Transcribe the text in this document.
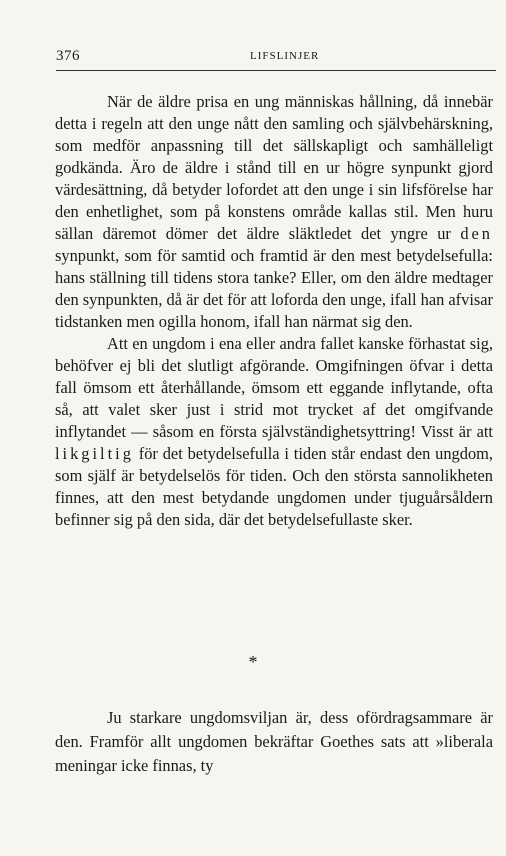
376	LIFSLINJER

När de äldre prisa en ung människas hållning, då innebär detta i regeln att den unge nått den samling och självbehärskning, som medför anpassning till det sällskapligt och samhälleligt godkända. Äro de äldre i stånd till en ur högre synpunkt gjord värdesättning, då betyder lofordet att den unge i sin lifsförelse har den enhetlighet, som på konstens område kallas stil. Men huru sällan däremot dömer det äldre släktledet det yngre ur den synpunkt, som för samtid och framtid är den mest betydelsefulla: hans ställning till tidens stora tanke? Eller, om den äldre medtager den synpunkten, då är det för att loforda den unge, ifall han afvisar tidstanken men ogilla honom, ifall han närmat sig den.

Att en ungdom i ena eller andra fallet kanske förhastat sig, behöfver ej bli det slutligt afgörande. Omgifningen öfvar i detta fall ömsom ett återhållande, ömsom ett eggande inflytande, ofta så, att valet sker just i strid mot trycket af det omgifvande inflytandet — såsom en första självständighetsyttring! Visst är att likgiltig för det betydelsefulla i tiden står endast den ungdom, som själf är betydelselös för tiden. Och den största sannolikheten finnes, att den mest betydande ungdomen under tjuguårsåldern befinner sig på den sida, där det betydelsefullaste sker.

*

Ju starkare ungdomsviljan är, dess ofördragsammare är den. Framför allt ungdomen bekräftar Goethes sats att »liberala meningar icke finnas, ty
